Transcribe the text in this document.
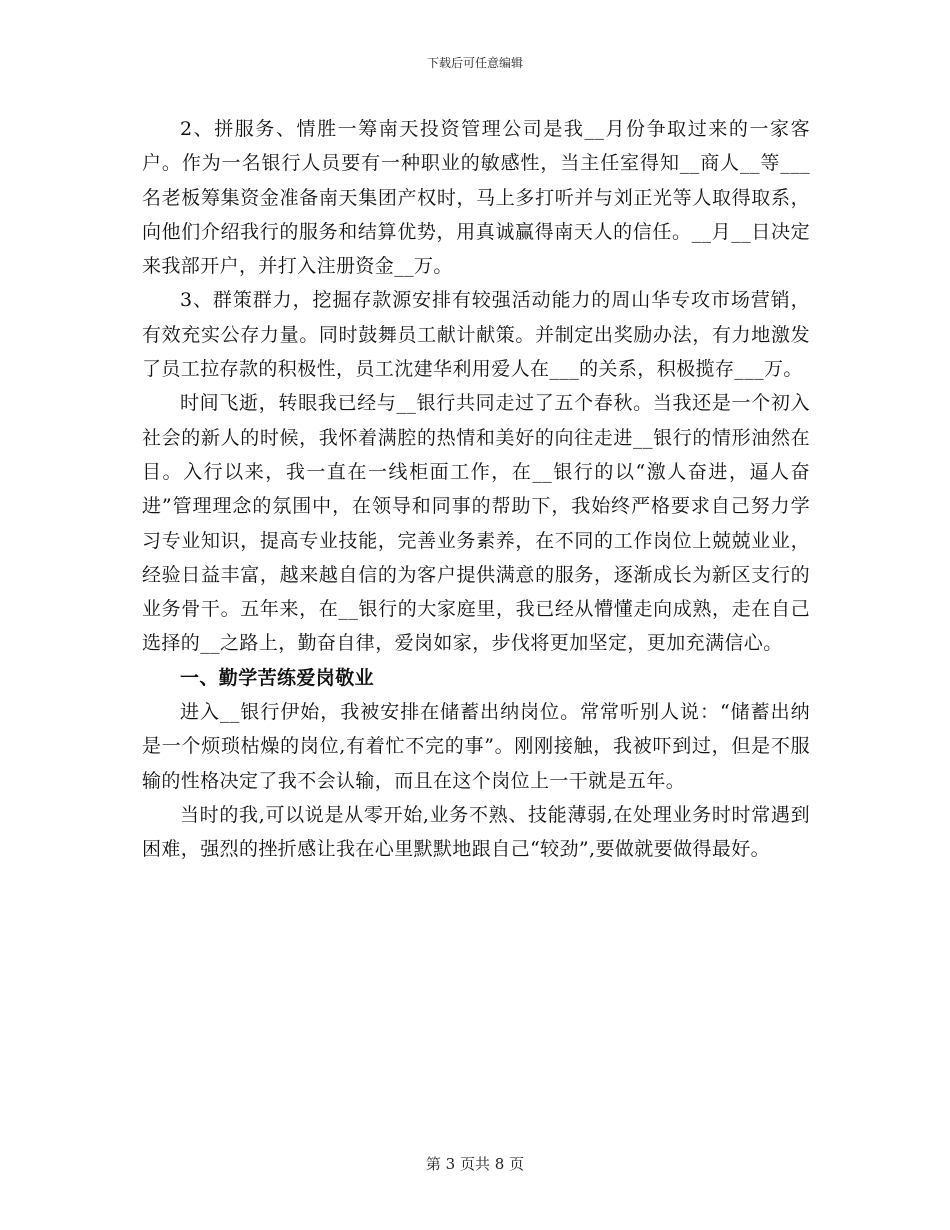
下载后可任意编辑

2、拼服务、情胜一筹南天投资管理公司是我__月份争取过来的一家客户。作为一名银行人员要有一种职业的敏感性，当主任室得知__商人__等___名老板筹集资金准备南天集团产权时，马上多打听并与刘正光等人取得取系，向他们介绍我行的服务和结算优势，用真诚赢得南天人的信任。__月__日决定来我部开户，并打入注册资金__万。

3、群策群力，挖掘存款源安排有较强活动能力的周山华专攻市场营销，有效充实公存力量。同时鼓舞员工献计献策。并制定出奖励办法，有力地激发了员工拉存款的积极性，员工沈建华利用爱人在___的关系，积极揽存___万。

时间飞逝，转眼我已经与__银行共同走过了五个春秋。当我还是一个初入社会的新人的时候，我怀着满腔的热情和美好的向往走进__银行的情形油然在目。入行以来，我一直在一线柜面工作，在__银行的以“激人奋进，逼人奋进”管理理念的氛围中，在领导和同事的帮助下，我始终严格要求自己努力学习专业知识，提高专业技能，完善业务素养，在不同的工作岗位上兢兢业业，经验日益丰富，越来越自信的为客户提供满意的服务，逐渐成长为新区支行的业务骨干。五年来，在__银行的大家庭里，我已经从懵懂走向成熟，走在自己选择的__之路上，勤奋自律，爱岗如家，步伐将更加坚定，更加充满信心。

一、勤学苦练爱岗敬业

进入__银行伊始，我被安排在储蓄出纳岗位。常常听别人说：“储蓄出纳是一个烦琐枯燥的岗位,有着忙不完的事”。刚刚接触，我被吓到过，但是不服输的性格决定了我不会认输，而且在这个岗位上一干就是五年。

当时的我,可以说是从零开始,业务不熟、技能薄弱,在处理业务时时常遇到困难，强烈的挫折感让我在心里默默地跟自己“较劲”,要做就要做得最好。

第 3 页共 8 页
